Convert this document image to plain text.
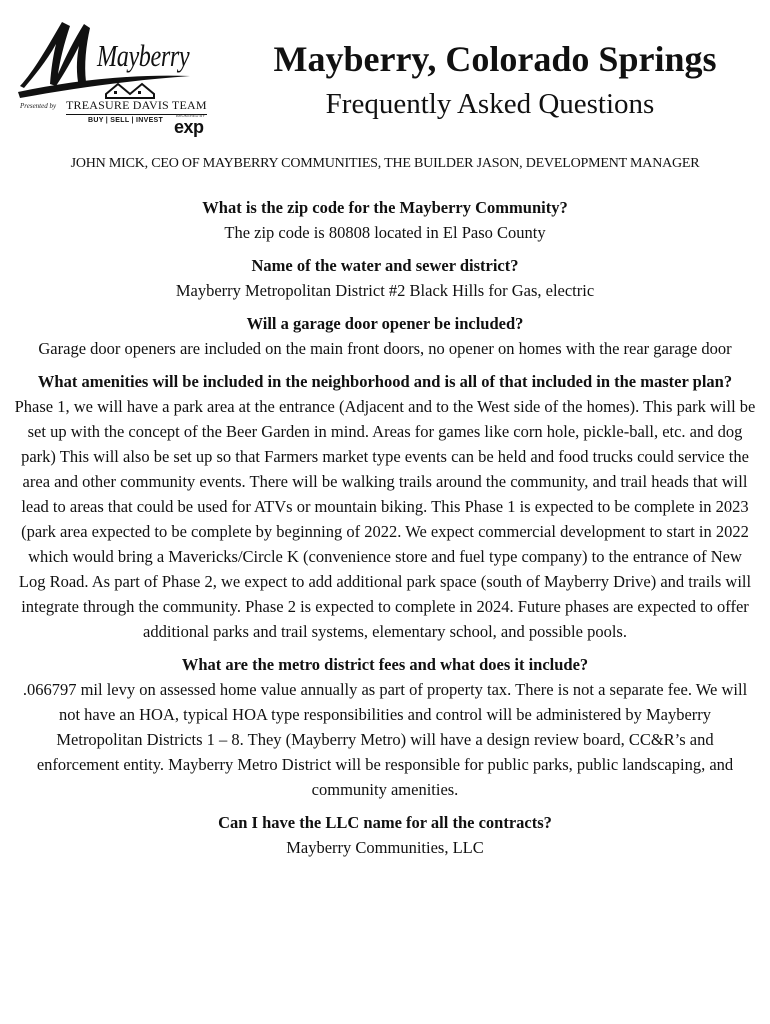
Mayberry
Presented by TREASURE DAVIS TEAM
BUY | SELL | INVEST
BROKERED BY
exp
Mayberry, Colorado Springs
Frequently Asked Questions
JOHN MICK, CEO OF MAYBERRY COMMUNITIES, THE BUILDER JASON, DEVELOPMENT MANAGER

What is the zip code for the Mayberry Community?

The zip code is 80808 located in El Paso County

Name of the water and sewer district?

Mayberry Metropolitan District #2 Black Hills for Gas, electric

Will a garage door opener be included?

Garage door openers are included on the main front doors, no opener on homes with the rear garage door

What amenities will be included in the neighborhood and is all of that included in the master plan?

Phase 1, we will have a park area at the entrance (Adjacent and to the West side of the homes). This park will be set up with the concept of the Beer Garden in mind. Areas for games like corn hole, pickle-ball, etc. and dog park) This will also be set up so that Farmers market type events can be held and food trucks could service the area and other community events. There will be walking trails around the community, and trail heads that will lead to areas that could be used for ATVs or mountain biking. This Phase 1 is expected to be complete in 2023 (park area expected to be complete by beginning of 2022. We expect commercial development to start in 2022 which would bring a Mavericks/Circle K (convenience store and fuel type company) to the entrance of New Log Road. As part of Phase 2, we expect to add additional park space (south of Mayberry Drive) and trails will integrate through the community. Phase 2 is expected to complete in 2024. Future phases are expected to offer additional parks and trail systems, elementary school, and possible pools.

What are the metro district fees and what does it include?

.066797 mil levy on assessed home value annually as part of property tax. There is not a separate fee. We will not have an HOA, typical HOA type responsibilities and control will be administered by Mayberry Metropolitan Districts 1 – 8. They (Mayberry Metro) will have a design review board, CC&R’s and enforcement entity. Mayberry Metro District will be responsible for public parks, public landscaping, and community amenities.

Can I have the LLC name for all the contracts?

Mayberry Communities, LLC
